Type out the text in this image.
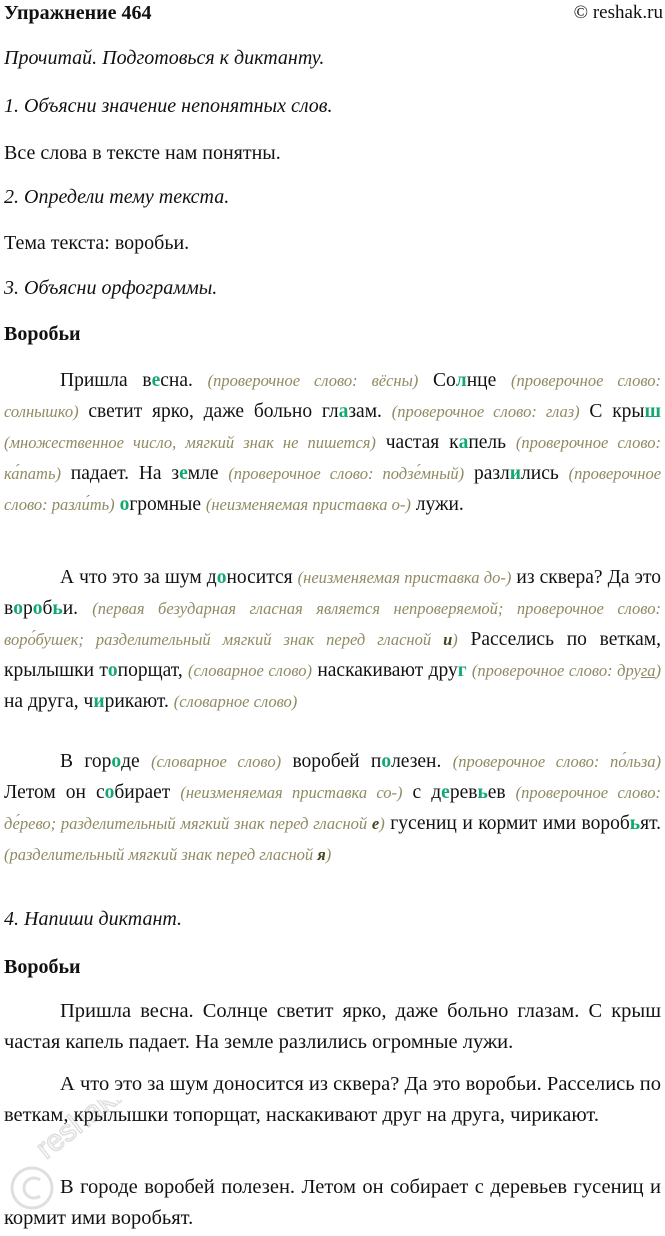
Упражнение 464	© reshak.ru
Прочитай. Подготовься к диктанту.
1. Объясни значение непонятных слов.
Все слова в тексте нам понятны.
2. Определи тему текста.
Тема текста: воробьи.
3. Объясни орфограммы.
Воробьи
Пришла весна. (проверочное слово: вёсны) Солнце (проверочное слово: солнышко) светит ярко, даже больно глазам. (проверочное слово: глаз) С крыш (множественное число, мягкий знак не пишется) частая капель (проверочное слово: ка́пать) падает. На земле (проверочное слово: подзе́мный) разлились (проверочное слово: разли́ть) огромные (неизменяемая приставка о-) лужи.
А что это за шум доносится (неизменяемая приставка до-) из сквера? Да это воробьи. (первая безударная гласная является непроверяемой; проверочное слово: воро́бушек; разделительный мягкий знак перед гласной и) Расселись по веткам, крылышки топорщат, (словарное слово) наскакивают друг (проверочное слово: друга) на друга, чирикают. (словарное слово)
В городе (словарное слово) воробей полезен. (проверочное слово: по́льза) Летом он собирает (неизменяемая приставка со-) с деревьев (проверочное слово: де́рево; разделительный мягкий знак перед гласной е) гусениц и кормит ими воробьят. (разделительный мягкий знак перед гласной я)
4. Напиши диктант.
Воробьи
Пришла весна. Солнце светит ярко, даже больно глазам. С крыш частая капель падает. На земле разлились огромные лужи.
А что это за шум доносится из сквера? Да это воробьи. Расселись по веткам, крылышки топорщат, наскакивают друг на друга, чирикают.
В городе воробей полезен. Летом он собирает с деревьев гусениц и кормит ими воробьят.
reshak.ru
